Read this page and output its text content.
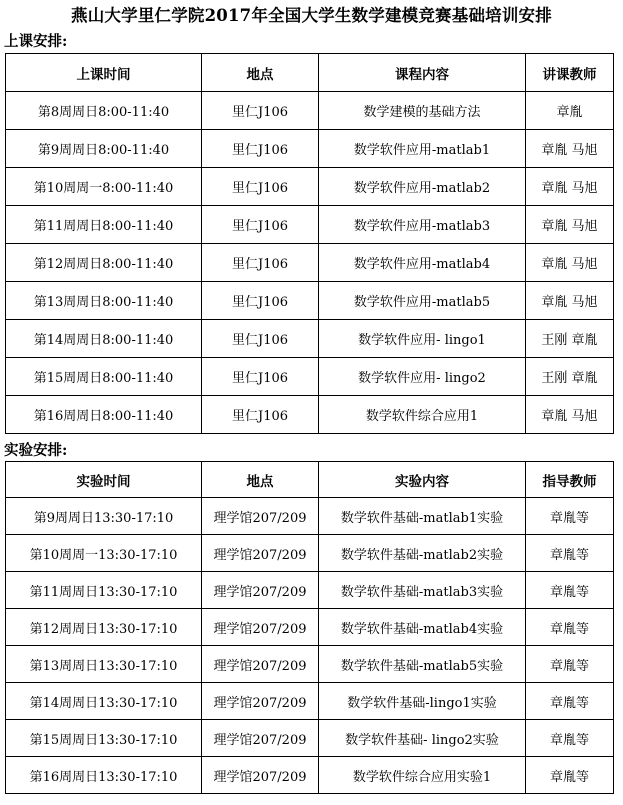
燕山大学里仁学院2017年全国大学生数学建模竞赛基础培训安排
上课安排:
上课时间	地点	课程内容	讲课教师
第8周周日8:00-11:40	里仁J106	数学建模的基础方法	章胤
第9周周日8:00-11:40	里仁J106	数学软件应用-matlab1	章胤 马旭
第10周周一8:00-11:40	里仁J106	数学软件应用-matlab2	章胤 马旭
第11周周日8:00-11:40	里仁J106	数学软件应用-matlab3	章胤 马旭
第12周周日8:00-11:40	里仁J106	数学软件应用-matlab4	章胤 马旭
第13周周日8:00-11:40	里仁J106	数学软件应用-matlab5	章胤 马旭
第14周周日8:00-11:40	里仁J106	数学软件应用- lingo1	王刚 章胤
第15周周日8:00-11:40	里仁J106	数学软件应用- lingo2	王刚 章胤
第16周周日8:00-11:40	里仁J106	数学软件综合应用1	章胤 马旭
实验安排:
实验时间	地点	实验内容	指导教师
第9周周日13:30-17:10	理学馆207/209	数学软件基础-matlab1实验	章胤等
第10周周一13:30-17:10	理学馆207/209	数学软件基础-matlab2实验	章胤等
第11周周日13:30-17:10	理学馆207/209	数学软件基础-matlab3实验	章胤等
第12周周日13:30-17:10	理学馆207/209	数学软件基础-matlab4实验	章胤等
第13周周日13:30-17:10	理学馆207/209	数学软件基础-matlab5实验	章胤等
第14周周日13:30-17:10	理学馆207/209	数学软件基础-lingo1实验	章胤等
第15周周日13:30-17:10	理学馆207/209	数学软件基础- lingo2实验	章胤等
第16周周日13:30-17:10	理学馆207/209	数学软件综合应用实验1	章胤等
